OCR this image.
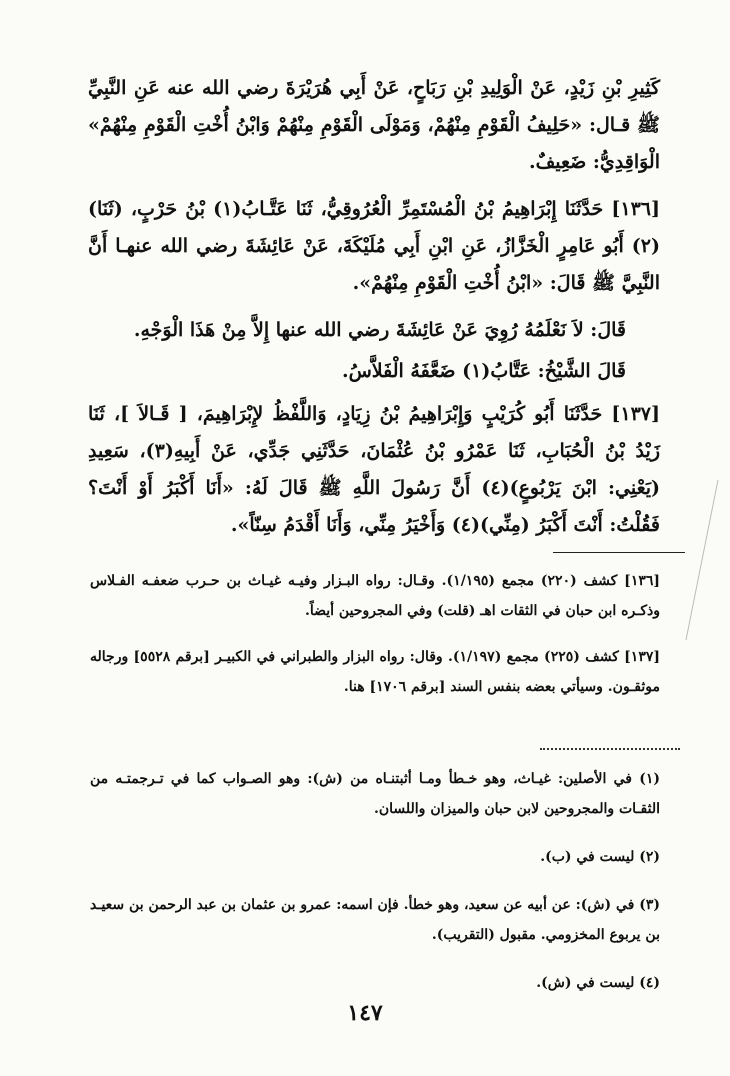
كَثِيرِ بْنِ زَيْدٍ، عَنْ الْوَلِيدِ بْنِ رَبَاحٍ، عَنْ أَبِي هُرَيْرَةَ رضي الله عنه عَنِ النَّبِيِّ ﷺ قـال: «حَلِيفُ الْقَوْمِ مِنْهُمْ، وَمَوْلَى الْقَوْمِ مِنْهُمْ وَابْنُ أُخْتِ الْقَوْمِ مِنْهُمْ» الْوَاقِدِيُّ: ضَعِيفٌ.

[١٣٦] حَدَّثَنَا إِبْرَاهِيمُ بْنُ الْمُسْتَمِرِّ الْعُرُوقِيُّ، ثَنَا عَتَّـابُ(١) بْنُ حَرْبٍ، (ثَنَا)(٢) أَبُو عَامِرٍ الْخَزَّازُ، عَنِ ابْنِ أَبِي مُلَيْكَةَ، عَنْ عَائِشَةَ رضي الله عنهـا أَنَّ النَّبِيَّ ﷺ قَالَ: «ابْنُ أُخْتِ الْقَوْمِ مِنْهُمْ».

قَالَ: لاَ نَعْلَمُهُ رُوِيَ عَنْ عَائِشَةَ رضي الله عنها إِلاَّ مِنْ هَذَا الْوَجْهِ.

قَالَ الشَّيْخُ: عَتَّابُ(١) ضَعَّفَهُ الْفَلاَّسُ.

[١٣٧] حَدَّثَنَا أَبُو كُرَيْبٍ وَإِبْرَاهِيمُ بْنُ زِيَادٍ، وَاللَّفْظُ لإِبْرَاهِيمَ، [ قَـالاَ ]، ثَنَا زَيْدُ بْنُ الْحُبَابِ، ثَنَا عَمْرُو بْنُ عُثْمَانَ، حَدَّثَنِي جَدِّي، عَنْ أَبِيهِ(٣)، سَعِيدِ (يَعْنِي: ابْنَ يَرْبُوعٍ)(٤) أَنَّ رَسُولَ اللَّهِ ﷺ قَالَ لَهُ: «أَنَا أَكْبَرُ أَوْ أَنْتَ؟ فَقُلْتُ: أَنْتَ أَكْبَرُ (مِنِّي)(٤) وَأَخْيَرُ مِنِّي، وَأَنَا أَقْدَمُ سِنّاً».

[١٣٦] كشف (٢٢٠) مجمع (١/١٩٥). وقـال: رواه البـزار وفيـه غيـاث بن حـرب ضعفـه الفـلاس وذكـره ابن حبان في الثقات اهـ (قلت) وفي المجروحين أيضاً.

[١٣٧] كشف (٢٢٥) مجمع (١/١٩٧). وقال: رواه البزار والطبراني في الكبيـر [برقم ٥٥٢٨] ورجاله موثقـون. وسيأتي بعضه بنفس السند [برقم ١٧٠٦] هنا.

(١) في الأصلين: غيـاث، وهو خـطأ ومـا أثبتنـاه من (ش): وهو الصـواب كما في تـرجمتـه من الثقـات والمجروحين لابن حبان والميزان واللسان.

(٢) ليست في (ب).

(٣) في (ش): عن أبيه عن سعيد، وهو خطأ. فإن اسمه: عمرو بن عثمان بن عبد الرحمن بن سعيـد بن يربوع المخزومي. مقبول (التقريب).

(٤) ليست في (ش).

١٤٧
